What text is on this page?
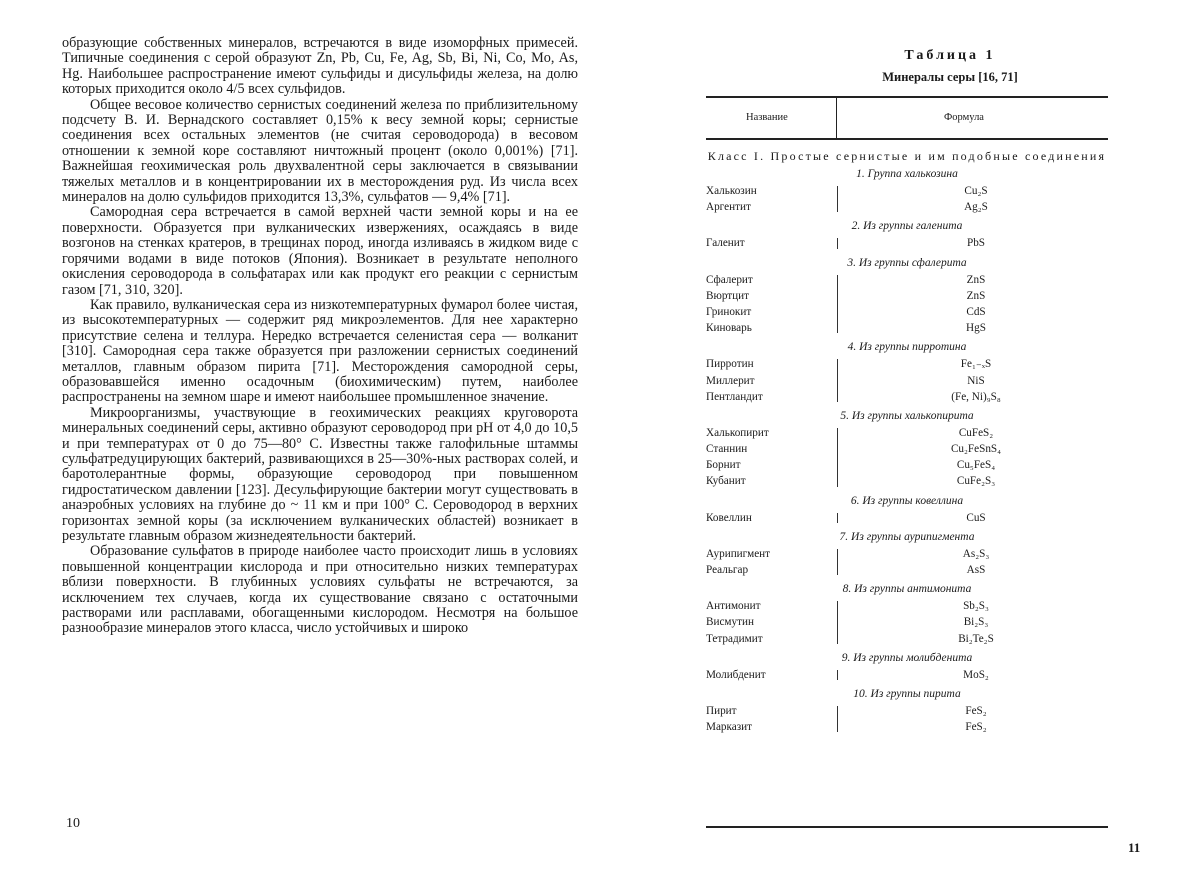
образующие собственных минералов, встречаются в виде изоморфных примесей. Типичные соединения с серой образуют Zn, Pb, Cu, Fe, Ag, Sb, Bi, Ni, Co, Mo, As, Hg. Наибольшее распространение имеют сульфиды и дисульфиды железа, на долю которых приходится около 4/5 всех сульфидов.

Общее весовое количество сернистых соединений железа по приблизительному подсчету В. И. Вернадского составляет 0,15% к весу земной коры; сернистые соединения всех остальных элементов (не считая сероводорода) в весовом отношении к земной коре составляют ничтожный процент (около 0,001%) [71]. Важнейшая геохимическая роль двухвалентной серы заключается в связывании тяжелых металлов и в концентрировании их в месторождения руд. Из числа всех минералов на долю сульфидов приходится 13,3%, сульфатов — 9,4% [71].

Самородная сера встречается в самой верхней части земной коры и на ее поверхности. Образуется при вулканических извержениях, осаждаясь в виде возгонов на стенках кратеров, в трещинах пород, иногда изливаясь в жидком виде с горячими водами в виде потоков (Япония). Возникает в результате неполного окисления сероводорода в сольфатарах или как продукт его реакции с сернистым газом [71, 310, 320].

Как правило, вулканическая сера из низкотемпературных фумарол более чистая, из высокотемпературных — содержит ряд микроэлементов. Для нее характерно присутствие селена и теллура. Нередко встречается селенистая сера — волканит [310]. Самородная сера также образуется при разложении сернистых соединений металлов, главным образом пирита [71]. Месторождения самородной серы, образовавшейся именно осадочным (биохимическим) путем, наиболее распространены на земном шаре и имеют наибольшее промышленное значение.

Микроорганизмы, участвующие в геохимических реакциях круговорота минеральных соединений серы, активно образуют сероводород при pH от 4,0 до 10,5 и при температурах от 0 до 75—80° С. Известны также галофильные штаммы сульфатредуцирующих бактерий, развивающихся в 25—30%-ных растворах солей, и баротолерантные формы, образующие сероводород при повышенном гидростатическом давлении [123]. Десульфирующие бактерии могут существовать в анаэробных условиях на глубине до ~ 11 км и при 100° С. Сероводород в верхних горизонтах земной коры (за исключением вулканических областей) возникает в результате главным образом жизнедеятельности бактерий.

Образование сульфатов в природе наиболее часто происходит лишь в условиях повышенной концентрации кислорода и при относительно низких температурах вблизи поверхности. В глубинных условиях сульфаты не встречаются, за исключением тех случаев, когда их существование связано с остаточными растворами или расплавами, обогащенными кислородом. Несмотря на большое разнообразие минералов этого класса, число устойчивых и широко

10
Таблица 1
Минералы серы [16, 71]
Название	Формула
Класс I. Простые сернистые и им подобные соединения
1. Группа халькозина
Халькозин	Cu₂S
Аргентит	Ag₂S
2. Из группы галенита
Галенит	PbS
3. Из группы сфалерита
Сфалерит	ZnS
Вюртцит	ZnS
Гринокит	CdS
Киноварь	HgS
4. Из группы пирротина
Пирротин	Fe₁₋ₓS
Миллерит	NiS
Пентландит	(Fe, Ni)₉S₈
5. Из группы халькопирита
Халькопирит	CuFeS₂
Станнин	Cu₂FeSnS₄
Борнит	Cu₅FeS₄
Кубанит	CuFe₂S₃
6. Из группы ковеллина
Ковеллин	CuS
7. Из группы аурипигмента
Аурипигмент	As₂S₃
Реальгар	AsS
8. Из группы антимонита
Антимонит	Sb₂S₃
Висмутин	Bi₂S₃
Тетрадимит	Bi₂Te₂S
9. Из группы молибденита
Молибденит	MoS₂
10. Из группы пирита
Пирит	FeS₂
Марказит	FeS₂
11
